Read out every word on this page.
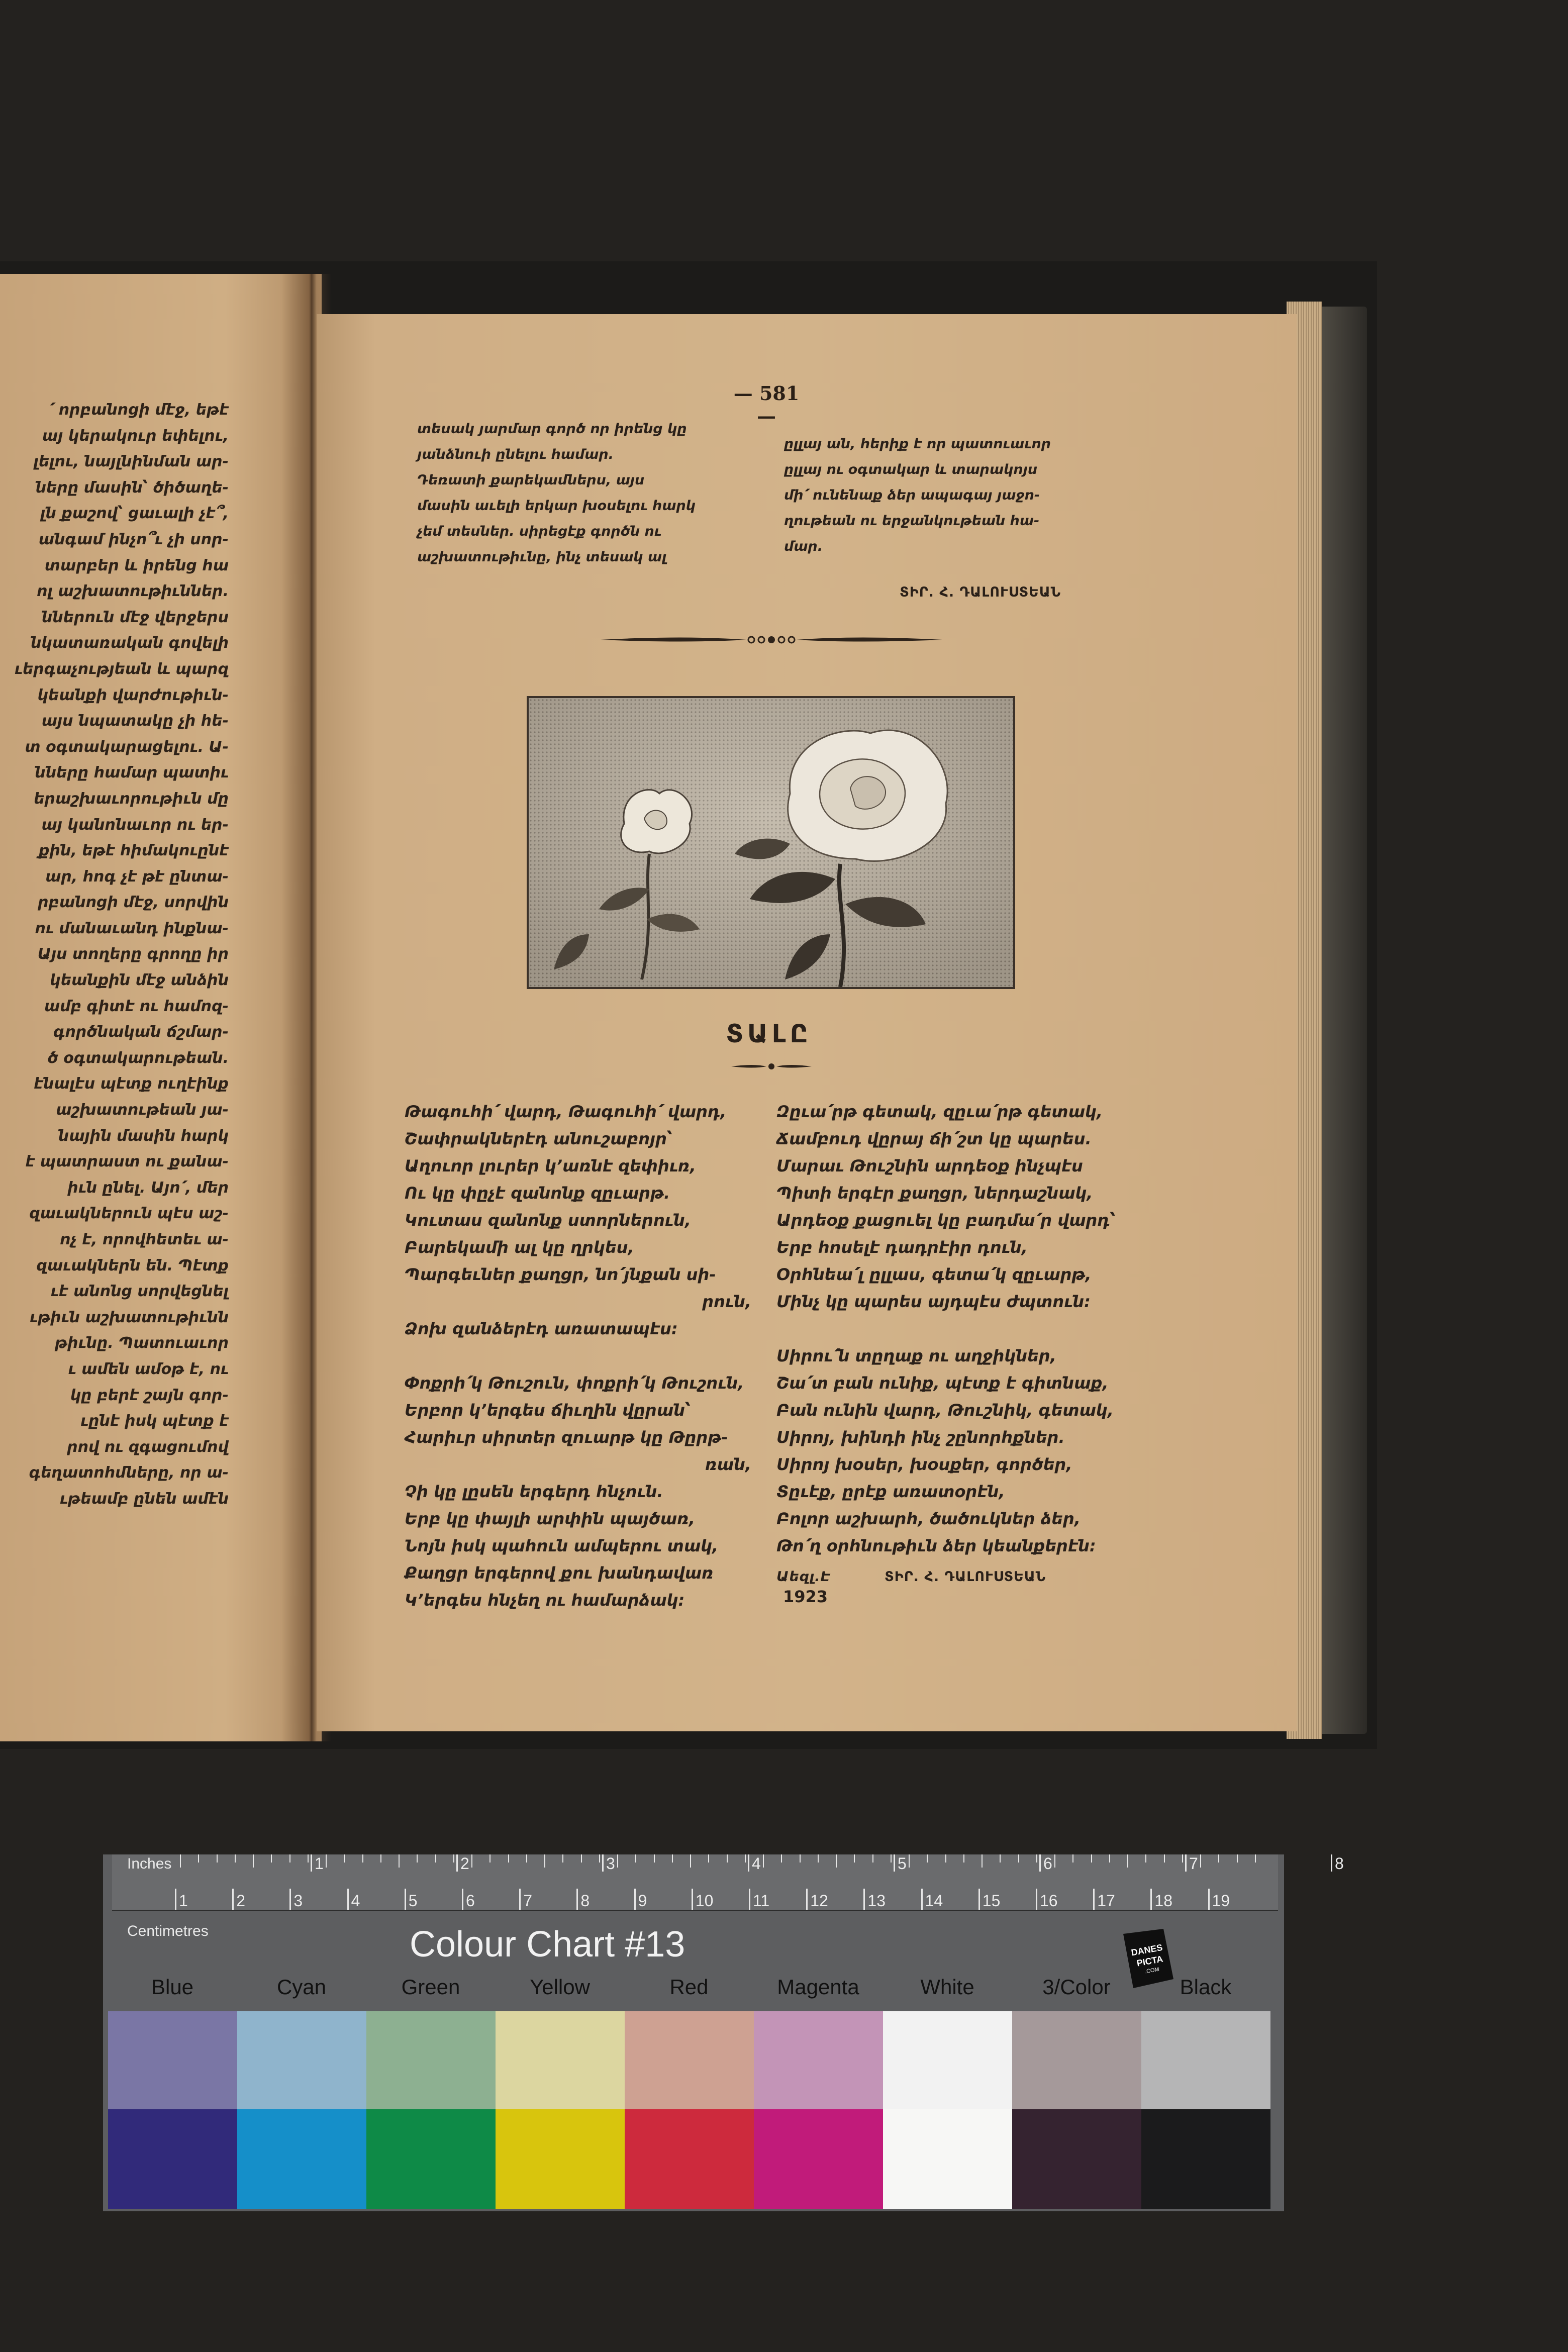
՛ որբանոցի մէջ, եթէ
այ կերակուր եփելու,
լելու, նայլնինման ար-
ները մասին՝ ծիծաղե-
լն քաշով՝ ցաւալի չէ՞,
անգամ ինչո՞ւ չի սոր-
տարբեր և իրենց հա
ոլ աշխատութիւններ.
ններուն մէջ վերջերս
նկատառական գովելի
ւերգաչությեան և պարզ
կեանքի վարժութիւն-
այս նպատակը չի հե-
տ օգտակարացելու. Ա-
նները համար պատիւ
երաշխաւորութիւն մը
այ կանոնաւոր ու եր-
քին, եթէ հիմակուընէ
ար, հոգ չէ թէ ընտա-
րբանոցի մէջ, սորվին
ու մանաւանդ ինքնա-
Այս տողերը գրողը իր
կեանքին մէջ անձին
ամբ գիտէ ու համոզ-
գործնական ճշմար-
ծ օգտակարութեան.
էնալէս պէտք ուղէինք
աշխատութեան յա-
նային մասին հարկ
է պատրաստ ու քանա-
իւն ընել. Այո՛, մեր
զաւակներուն պէս աշ-
ոչ է, որովհետեւ ա-
զաւակներն են. Պէտք
ւէ անոնց սորվեցնել
ւթիւն աշխատութիւնն
թիւնը. Պատուաւոր
ւ ամեն ամօթ է, ու
կը բերէ շայն գոր-
ւընէ իսկ պէտք է
րով ու զգացումով
գեղատոհմները, որ ա-
ւթեամբ ընեն ամէն
— 581 —
տեսակ յարմար գործ որ իրենց կը
յանձնուի ընելու համար.
Դեռատի քարեկամներս, այս
մասին աւելի երկար խօսելու հարկ
չեմ տեսներ. սիրեցէք գործն ու
աշխատութիւնը, ինչ տեսակ ալ
ըլլայ ան, հերիք է որ պատուաւոր
ըլլայ ու օգտակար և տարակոյս
մի՛ ունենաք ձեր ապագայ յաջո-
ղութեան ու երջանկութեան հա-
մար.
ՏԻՐ. Հ. ԴԱԼՈՒՍՏԵԱՆ
ՏԱԼԸ
Թագուհի՛ վարդ, Թագուհի՛ վարդ,
Շափրակներէդ անուշաբոյր՝
Աղուոր լուրեր կ՚առնէ զեփիւռ,
Ու կը փըչէ զանոնք զըւարթ.
Կուտաս զանոնք ստորներուն,
Բարեկամի ալ կը ղրկես,
Պարգեւներ քաղցր, նո՛յնքան սի-
րուն,
Ձոխ զանձերէդ առատապէս:
Փոքրի՛կ Թուշուն, փոքրի՛կ Թուշուն,
Երբոր կ՚երգես ճիւղին վըրան՝
Հարիւր սիրտեր զուարթ կը Թըրթ-
ռան,
Չի կը լըսեն երգերդ հնչուն.
Երբ կը փայլի արփին պայծառ,
Նոյն իսկ պահուն ամպերու տակ,
Քաղցր երգերով քու խանդավառ
Կ՚երգես հնչեղ ու համարձակ:
Զըւա՛րթ գետակ, զըւա՛րթ գետակ,
Ճամբուդ վըրայ ճի՛շտ կը պարես.
Մարաւ Թուշնին արդեօք ինչպէս
Պիտի երգէր քաղցր, ներդաշնակ,
Արդեօք քացուել կը բադմա՛ր վարդ՝
Երբ հոսելէ դադրէիր դուն,
Օրհնեա՛լ ըլլաս, գետա՛կ զըւարթ,
Մինչ կը պարես այդպէս ժպտուն:
Սիրու՛ն տըղաք ու աղջիկներ,
Շա՛տ բան ունիք, պէտք է գիտնաք,
Բան ունին վարդ, Թուշնիկ, գետակ,
Սիրոյ, խինդի ինչ շընորհքներ.
Սիրոյ խօսեր, խօսքեր, գործեր,
Տըւէք, ըրէք առատօրէն,
Բոլոր աշխարհ, ծածուկներ ձեր,
Թո՛ղ օրհնութիւն ձեր կեանքերէն:
Աեզլ.Է	ՏԻՐ. Հ. ԴԱԼՈՒՍՏԵԱՆ
1923
Inches
Centimetres
1	2	3	4	5	6	7	8
1	2	3	4	5	6	7	8	9	10 11	12 13 14 15 16 17 18 19
Colour Chart #13	DANES
PICTA
.COM
Blue	Cyan	Green	Yellow	Red	Magenta	White	3/Color	Black
